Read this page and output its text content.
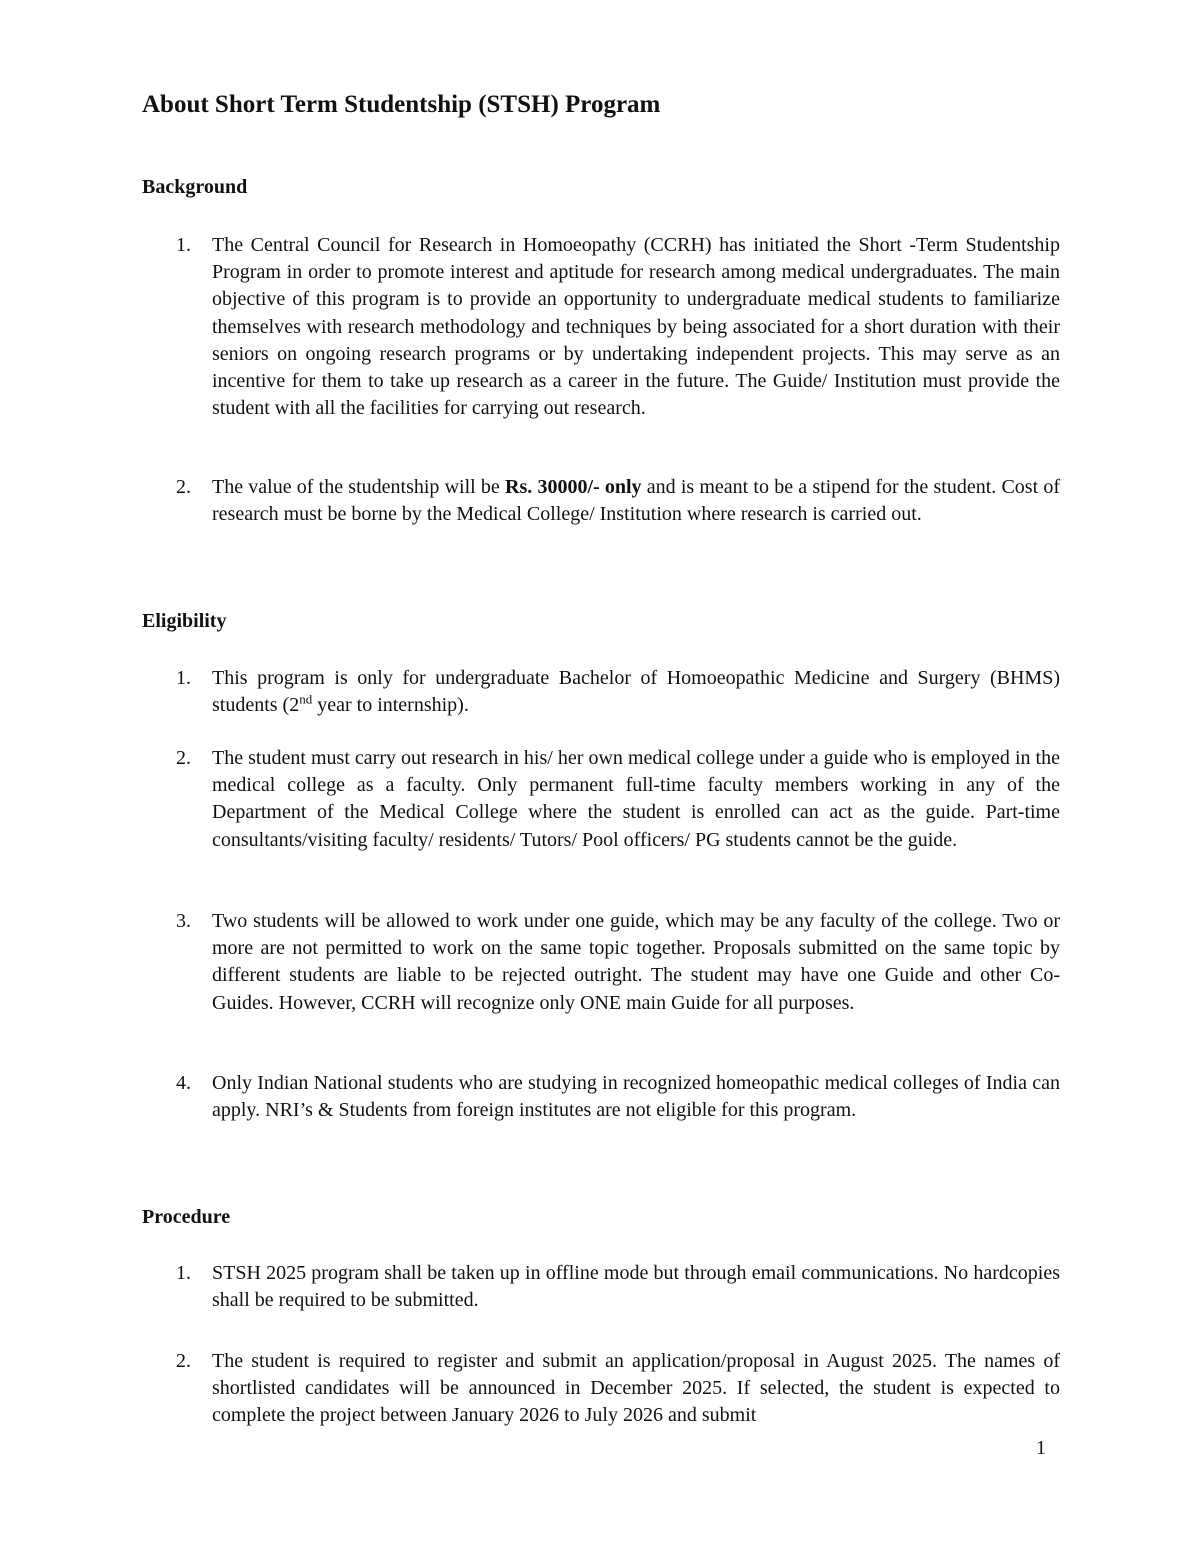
About Short Term Studentship (STSH) Program
Background
1.	The Central Council for Research in Homoeopathy (CCRH) has initiated the Short -Term Studentship Program in order to promote interest and aptitude for research among medical undergraduates. The main objective of this program is to provide an opportunity to undergraduate medical students to familiarize themselves with research methodology and techniques by being associated for a short duration with their seniors on ongoing research programs or by undertaking independent projects. This may serve as an incentive for them to take up research as a career in the future. The Guide/ Institution must provide the student with all the facilities for carrying out research.
2.	The value of the studentship will be Rs. 30000/- only and is meant to be a stipend for the student. Cost of research must be borne by the Medical College/ Institution where research is carried out.
Eligibility
1.	This program is only for undergraduate Bachelor of Homoeopathic Medicine and Surgery (BHMS) students (2nd year to internship).
2.	The student must carry out research in his/ her own medical college under a guide who is employed in the medical college as a faculty. Only permanent full-time faculty members working in any of the Department of the Medical College where the student is enrolled can act as the guide. Part-time consultants/visiting faculty/ residents/ Tutors/ Pool officers/ PG students cannot be the guide.
3.	Two students will be allowed to work under one guide, which may be any faculty of the college. Two or more are not permitted to work on the same topic together. Proposals submitted on the same topic by different students are liable to be rejected outright. The student may have one Guide and other Co- Guides. However, CCRH will recognize only ONE main Guide for all purposes.
4.	Only Indian National students who are studying in recognized homeopathic medical colleges of India can apply. NRI’s & Students from foreign institutes are not eligible for this program.
Procedure
1.	STSH 2025 program shall be taken up in offline mode but through email communications. No hardcopies shall be required to be submitted.
2.	The student is required to register and submit an application/proposal in August 2025. The names of shortlisted candidates will be announced in December 2025. If selected, the student is expected to complete the project between January 2026 to July 2026 and submit
1
